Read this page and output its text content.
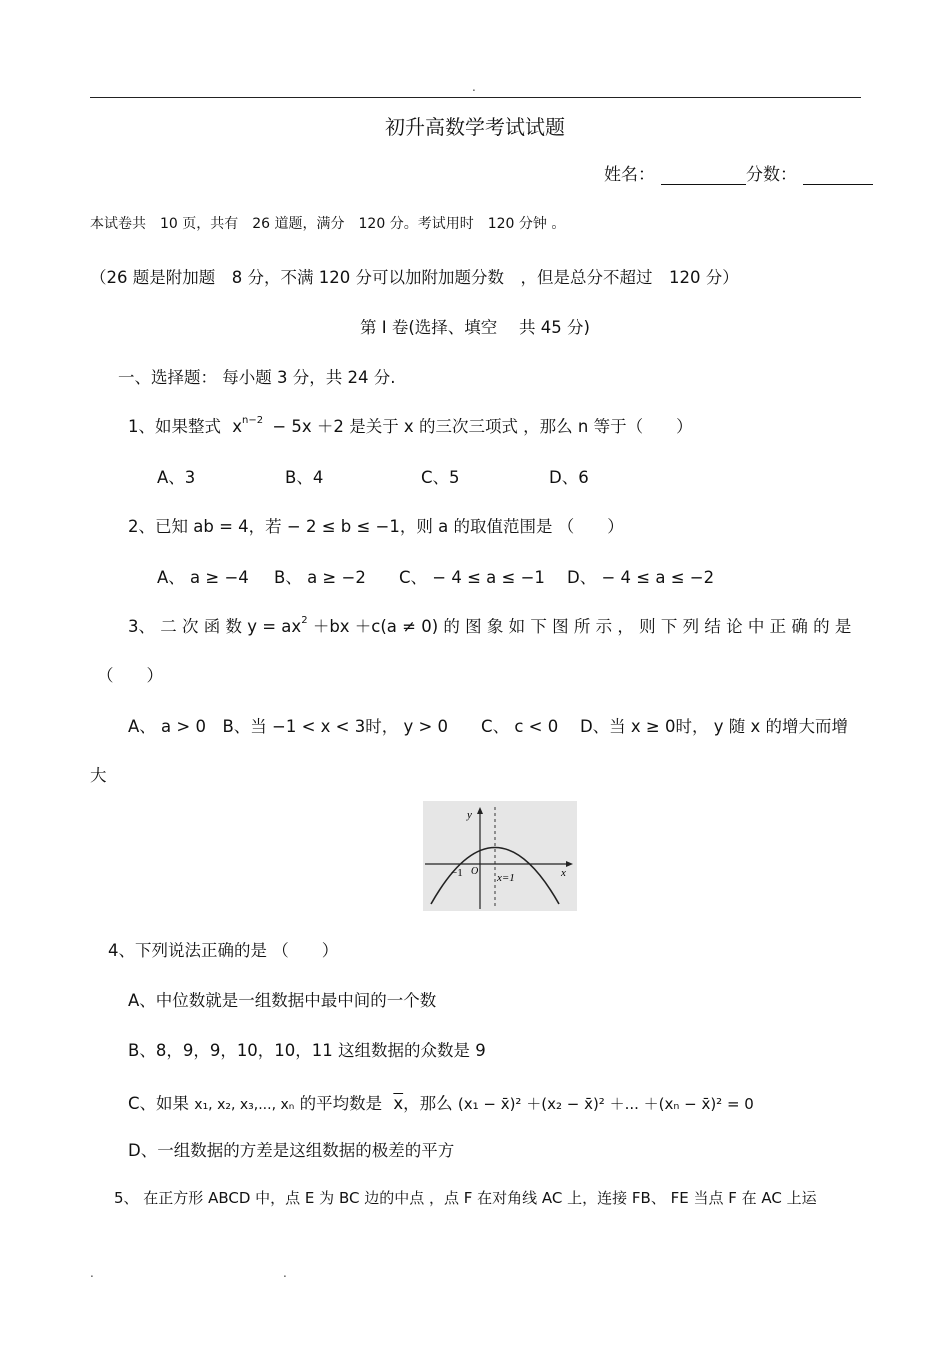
.
初升高数学考试试题
姓名：	分数：
本试卷共　10 页，共有　26 道题，满分　120 分。考试用时　120 分钟 。
（26 题是附加题　8 分，不满 120 分可以加附加题分数　，但是总分不超过　120 分）
第 I 卷(选择、填空　 共 45 分)
一、选择题： 每小题 3 分，共 24 分.
1、如果整式 $x^{n-2} - 5x +2$ 是关于 x 的三次三项式 ，那么 n 等于（　　）
A、3	B、4	C、5	D、6
2、已知 ab = 4，若 − 2 ≤ b ≤ −1，则 a 的取值范围是 （　　）
A、 a ≥ −4 B、 a ≥ −2 C、 − 4 ≤ a ≤ −1 D、 − 4 ≤ a ≤ −2
3、 二 次 函 数 $y = ax^2 +bx +c(a \ne 0)$ 的 图 象 如 下 图 所 示 ， 则 下 列 结 论 中 正 确 的 是
（　　）
A、 a > 0　B、当 −1 < x < 3时， y > 0　　C、 c < 0　 D、当 x ≥ 0时， y 随 x 的增大而增
大
y
x
O
−1	x=1
4、下列说法正确的是 （　　）
A、中位数就是一组数据中最中间的一个数
B、8，9，9，10，10，11 这组数据的众数是 9
C、如果 x₁, x₂, x₃,..., xₙ 的平均数是 $\overline{x}$，那么 (x₁ − x̄)² ＋(x₂ − x̄)² ＋... ＋(xₙ − x̄)² = 0
D、一组数据的方差是这组数据的极差的平方
5、 在正方形 ABCD 中，点 E 为 BC 边的中点 ，点 F 在对角线 AC 上，连接 FB、 FE 当点 F 在 AC 上运
.	.
